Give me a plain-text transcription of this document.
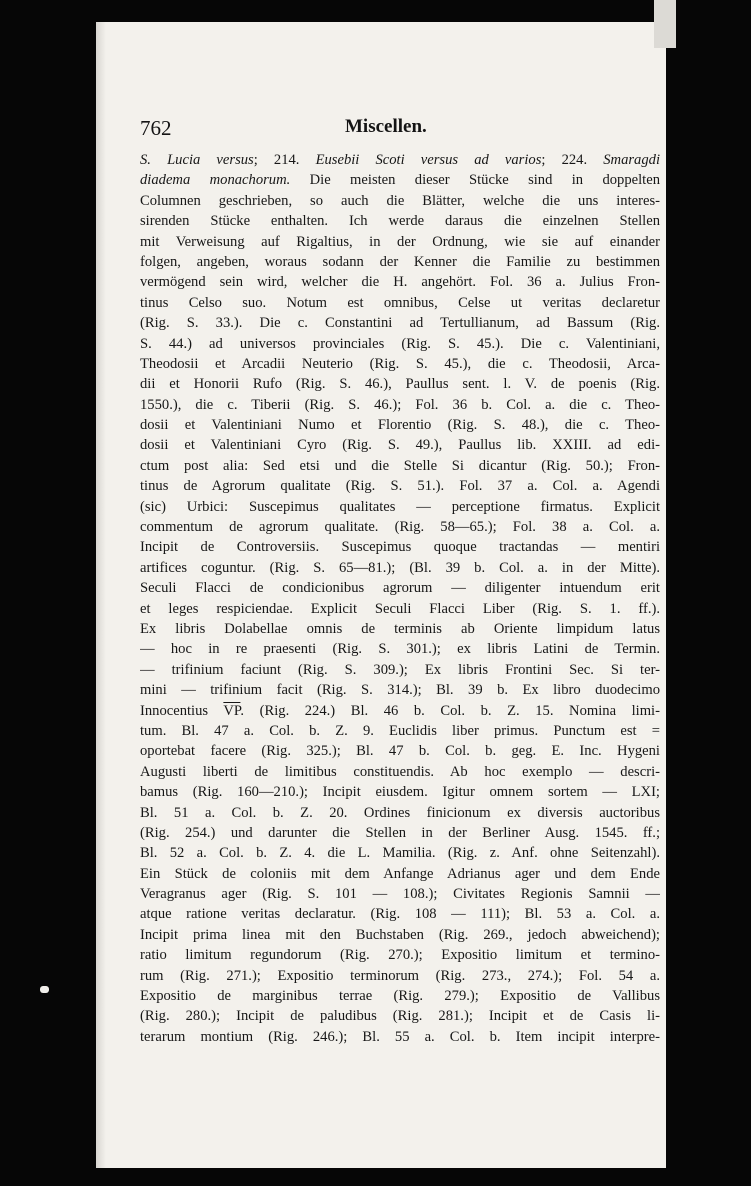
762	Miscellen.
S. Lucia versus; 214. Eusebii Scoti versus ad varios; 224. Smaragdi
diadema monachorum. Die meisten dieser Stücke sind in doppelten
Columnen geschrieben, so auch die Blätter, welche die uns interes-
sirenden Stücke enthalten. Ich werde daraus die einzelnen Stellen
mit Verweisung auf Rigaltius, in der Ordnung, wie sie auf einander
folgen, angeben, woraus sodann der Kenner die Familie zu bestimmen
vermögend sein wird, welcher die H. angehört. Fol. 36 a. Julius Fron-
tinus Celso suo. Notum est omnibus, Celse ut veritas declaretur
(Rig. S. 33.). Die c. Constantini ad Tertullianum, ad Bassum (Rig.
S. 44.) ad universos provinciales (Rig. S. 45.). Die c. Valentiniani,
Theodosii et Arcadii Neuterio (Rig. S. 45.), die c. Theodosii, Arca-
dii et Honorii Rufo (Rig. S. 46.), Paullus sent. l. V. de poenis (Rig.
1550.), die c. Tiberii (Rig. S. 46.); Fol. 36 b. Col. a. die c. Theo-
dosii et Valentiniani Numo et Florentio (Rig. S. 48.), die c. Theo-
dosii et Valentiniani Cyro (Rig. S. 49.), Paullus lib. XXIII. ad edi-
ctum post alia: Sed etsi und die Stelle Si dicantur (Rig. 50.); Fron-
tinus de Agrorum qualitate (Rig. S. 51.). Fol. 37 a. Col. a. Agendi
(sic) Urbici: Suscepimus qualitates — perceptione firmatus. Explicit
commentum de agrorum qualitate. (Rig. 58—65.); Fol. 38 a. Col. a.
Incipit de Controversiis. Suscepimus quoque tractandas — mentiri
artifices coguntur. (Rig. S. 65—81.); (Bl. 39 b. Col. a. in der Mitte).
Seculi Flacci de condicionibus agrorum — diligenter intuendum erit
et leges respiciendae. Explicit Seculi Flacci Liber (Rig. S. 1. ff.).
Ex libris Dolabellae omnis de terminis ab Oriente limpidum latus
— hoc in re praesenti (Rig. S. 301.); ex libris Latini de Termin.
— trifinium faciunt (Rig. S. 309.); Ex libris Frontini Sec. Si ter-
mini — trifinium facit (Rig. S. 314.); Bl. 39 b. Ex libro duodecimo
Innocentius $\overline{VP}$. (Rig. 224.) Bl. 46 b. Col. b. Z. 15. Nomina limi-
tum. Bl. 47 a. Col. b. Z. 9. Euclidis liber primus. Punctum est =
oportebat facere (Rig. 325.); Bl. 47 b. Col. b. geg. E. Inc. Hygeni
Augusti liberti de limitibus constituendis. Ab hoc exemplo — descri-
bamus (Rig. 160—210.); Incipit eiusdem. Igitur omnem sortem — LXI;
Bl. 51 a. Col. b. Z. 20. Ordines finicionum ex diversis auctoribus
(Rig. 254.) und darunter die Stellen in der Berliner Ausg. 1545. ff.;
Bl. 52 a. Col. b. Z. 4. die L. Mamilia. (Rig. z. Anf. ohne Seitenzahl).
Ein Stück de coloniis mit dem Anfange Adrianus ager und dem Ende
Veragranus ager (Rig. S. 101 — 108.); Civitates Regionis Samnii —
atque ratione veritas declaratur. (Rig. 108 — 111); Bl. 53 a. Col. a.
Incipit prima linea mit den Buchstaben (Rig. 269., jedoch abweichend);
ratio limitum regundorum (Rig. 270.); Expositio limitum et termino-
rum (Rig. 271.); Expositio terminorum (Rig. 273., 274.); Fol. 54 a.
Expositio de marginibus terrae (Rig. 279.); Expositio de Vallibus
(Rig. 280.); Incipit de paludibus (Rig. 281.); Incipit et de Casis li-
terarum montium (Rig. 246.); Bl. 55 a. Col. b. Item incipit interpre-
